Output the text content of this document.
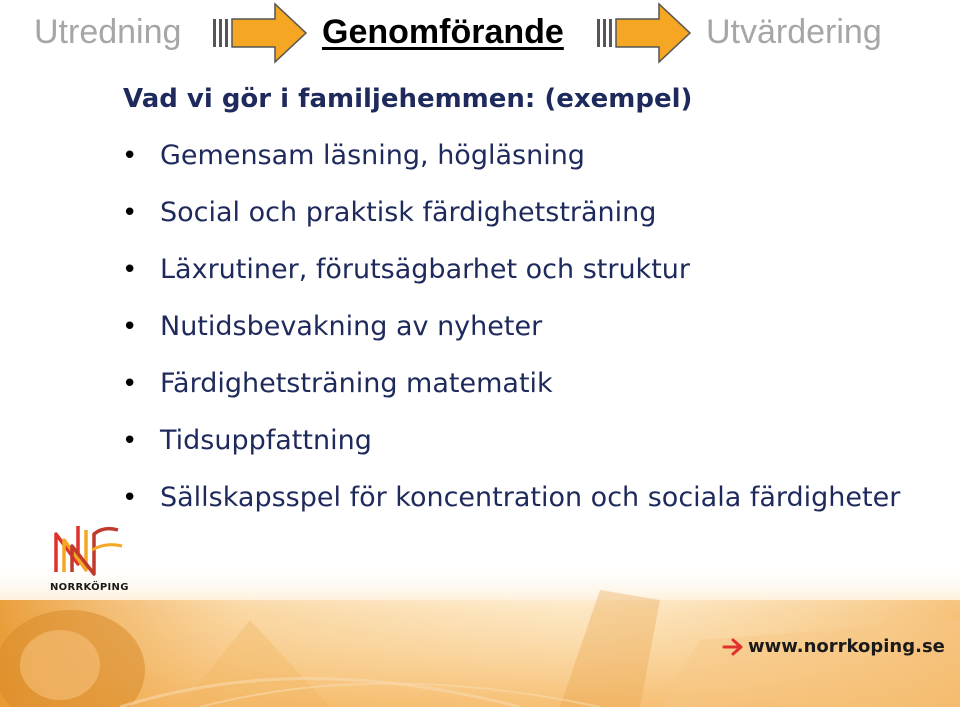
Utredning	Genomförande	Utvärdering
Vad vi gör i familjehemmen: (exempel)
• Gemensam läsning, högläsning
• Social och praktisk färdighetsträning
• Läxrutiner, förutsägbarhet och struktur
• Nutidsbevakning av nyheter
• Färdighetsträning matematik
• Tidsuppfattning
• Sällskapsspel för koncentration och sociala färdigheter
NORRKÖPING
www.norrkoping.se
